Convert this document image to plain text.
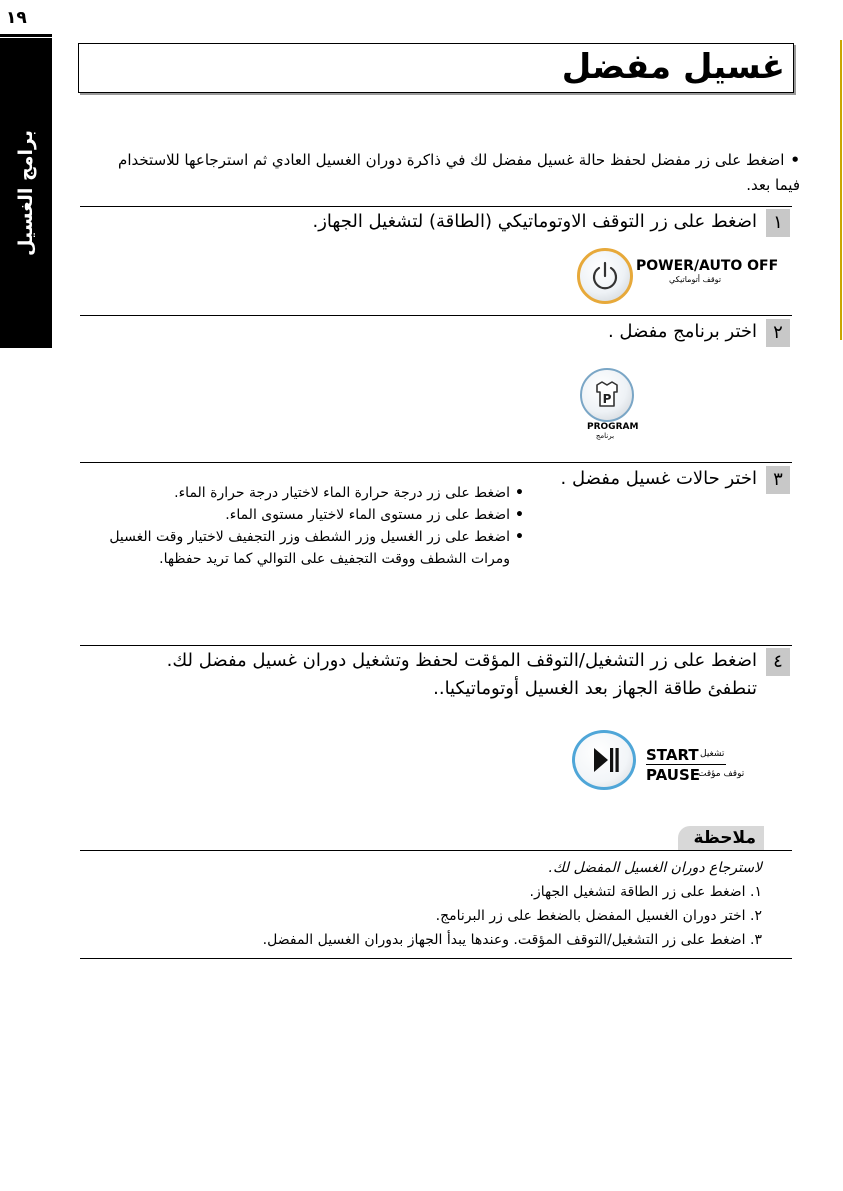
١٩
برامج الغسيل
غسيل مفضل
•اضغط على زر مفضل لحفظ حالة غسيل مفضل لك في ذاكرة دوران الغسيل العادي ثم استرجاعها للاستخدام
فيما بعد.
١
اضغط على زر التوقف الاوتوماتيكي (الطاقة) لتشغيل الجهاز.
POWER/AUTO OFF
توقف أتوماتيكي
٢
اختر برنامج مفضل .
P
PROGRAM
برنامج
٣
اختر حالات غسيل مفضل .
• اضغط على زر درجة حرارة الماء لاختيار درجة حرارة الماء.
• اضغط على زر مستوى الماء لاختيار مستوى الماء.
• اضغط على زر الغسيل وزر الشطف وزر التجفيف لاختيار وقت الغسيل ومرات الشطف ووقت التجفيف على التوالي كما تريد حفظها.
٤
اضغط على زر التشغيل/التوقف المؤقت لحفظ وتشغيل دوران غسيل مفضل لك.
تنطفئ طاقة الجهاز بعد الغسيل أوتوماتيكيا..
START تشغيل
PAUSE
توقف مؤقت
ملاحظة
لاسترجاع دوران الغسيل المفضل لك.
١. اضغط على زر الطاقة لتشغيل الجهاز.
٢. اختر دوران الغسيل المفضل بالضغط على زر البرنامج.
٣. اضغط على زر التشغيل/التوقف المؤقت. وعندها يبدأ الجهاز بدوران الغسيل المفضل.
